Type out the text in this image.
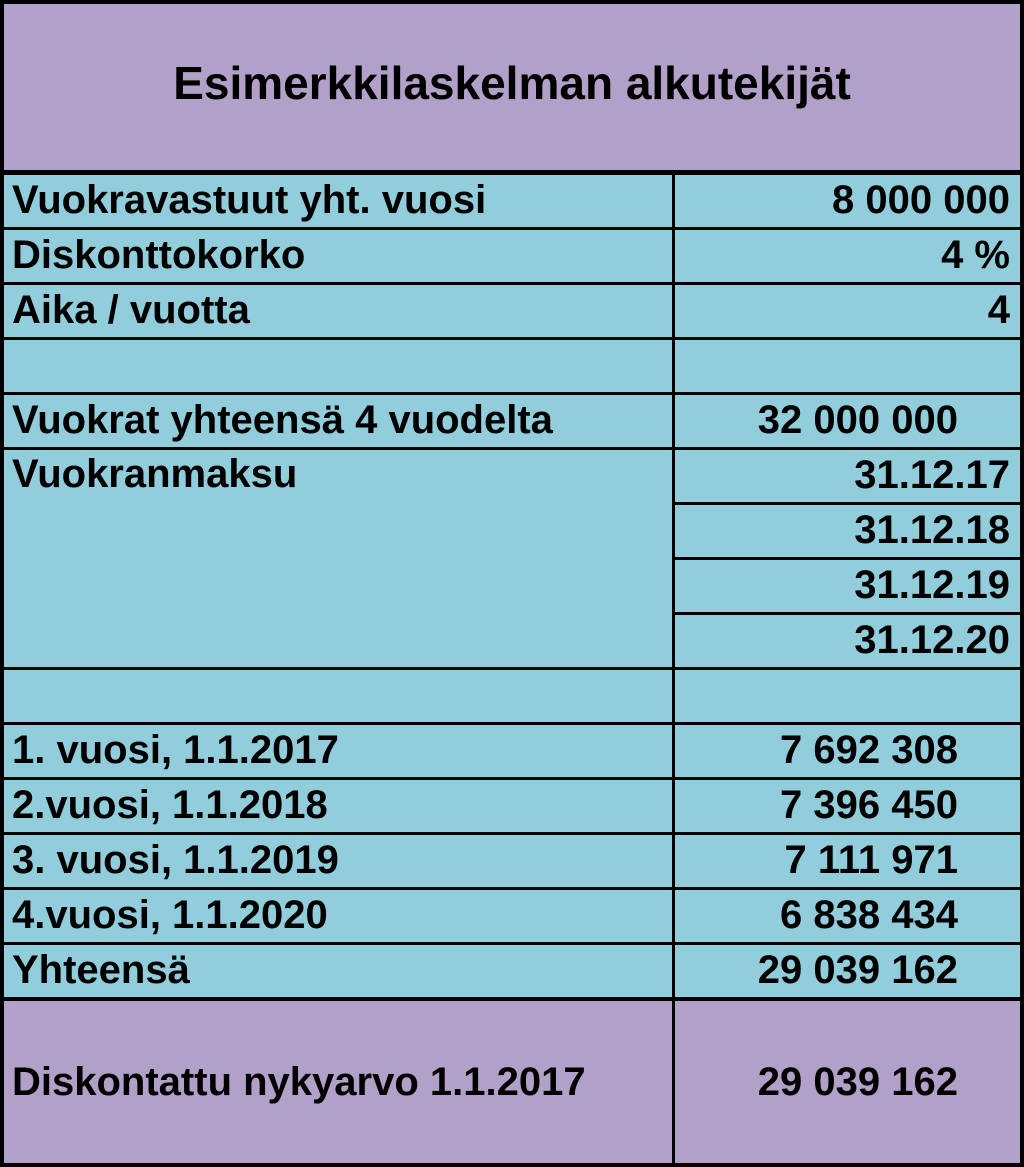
Esimerkkilaskelman alkutekijät
Vuokravastuut yht. vuosi	8 000 000
Diskonttokorko	4 %
Aika / vuotta	4
Vuokrat yhteensä 4 vuodelta	32 000 000
Vuokranmaksu	31.12.17
31.12.18
31.12.19
31.12.20
1. vuosi, 1.1.2017	7 692 308
2.vuosi, 1.1.2018	7 396 450
3. vuosi, 1.1.2019	7 111 971
4.vuosi, 1.1.2020	6 838 434
Yhteensä	29 039 162
Diskontattu nykyarvo 1.1.2017	29 039 162
